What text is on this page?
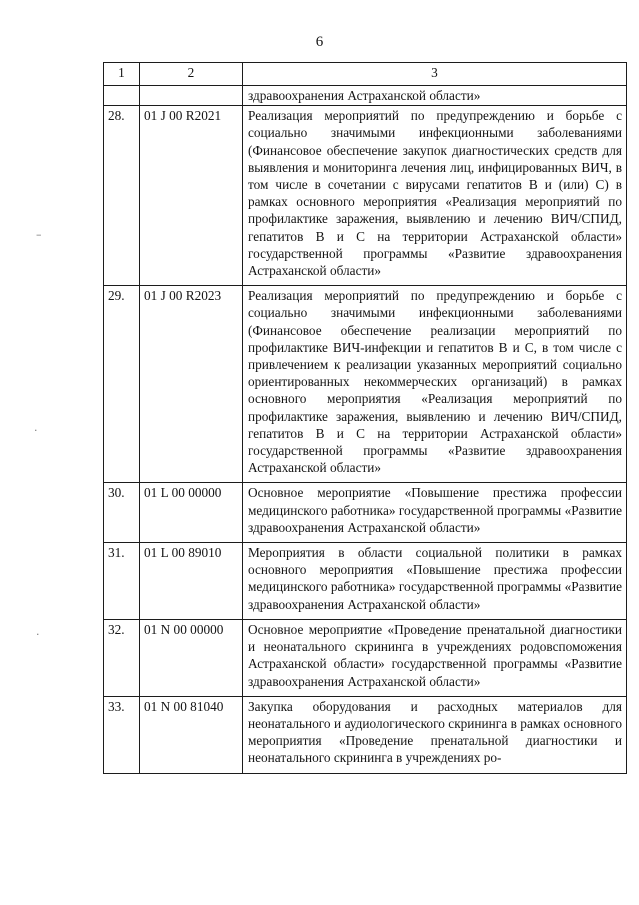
6
1	2	3
		здравоохранения Астраханской области»
28.	01 J 00 R2021	Реализация мероприятий по предупреждению и борьбе с социально значимыми инфекционными заболеваниями (Финансовое обеспечение закупок диагностических средств для выявления и мониторинга лечения лиц, инфицированных ВИЧ, в том числе в сочетании с вирусами гепатитов В и (или) С) в рамках основного мероприятия «Реализация мероприятий по профилактике заражения, выявлению и лечению ВИЧ/СПИД, гепатитов В и С на территории Астраханской области» государственной программы «Развитие здравоохранения Астраханской области»
29.	01 J 00 R2023	Реализация мероприятий по предупреждению и борьбе с социально значимыми инфекционными заболеваниями (Финансовое обеспечение реализации мероприятий по профилактике ВИЧ-инфекции и гепатитов В и С, в том числе с привлечением к реализации указанных мероприятий социально ориентированных некоммерческих организаций) в рамках основного мероприятия «Реализация мероприятий по профилактике заражения, выявлению и лечению ВИЧ/СПИД, гепатитов В и С на территории Астраханской области» государственной программы «Развитие здравоохранения Астраханской области»
30.	01 L 00 00000	Основное мероприятие «Повышение престижа профессии медицинского работника» государственной программы «Развитие здравоохранения Астраханской области»
31.	01 L 00 89010	Мероприятия в области социальной политики в рамках основного мероприятия «Повышение престижа профессии медицинского работника» государственной программы «Развитие здравоохранения Астраханской области»
32.	01 N 00 00000	Основное мероприятие «Проведение пренатальной диагностики и неонатального скрининга в учреждениях родовспоможения Астраханской области» государственной программы «Развитие здравоохранения Астраханской области»
33.	01 N 00 81040	Закупка оборудования и расходных материалов для неонатального и аудиологического скрининга в рамках основного мероприятия «Проведение пренатальной диагностики и неонатального скрининга в учреждениях ро-
–
·
·
